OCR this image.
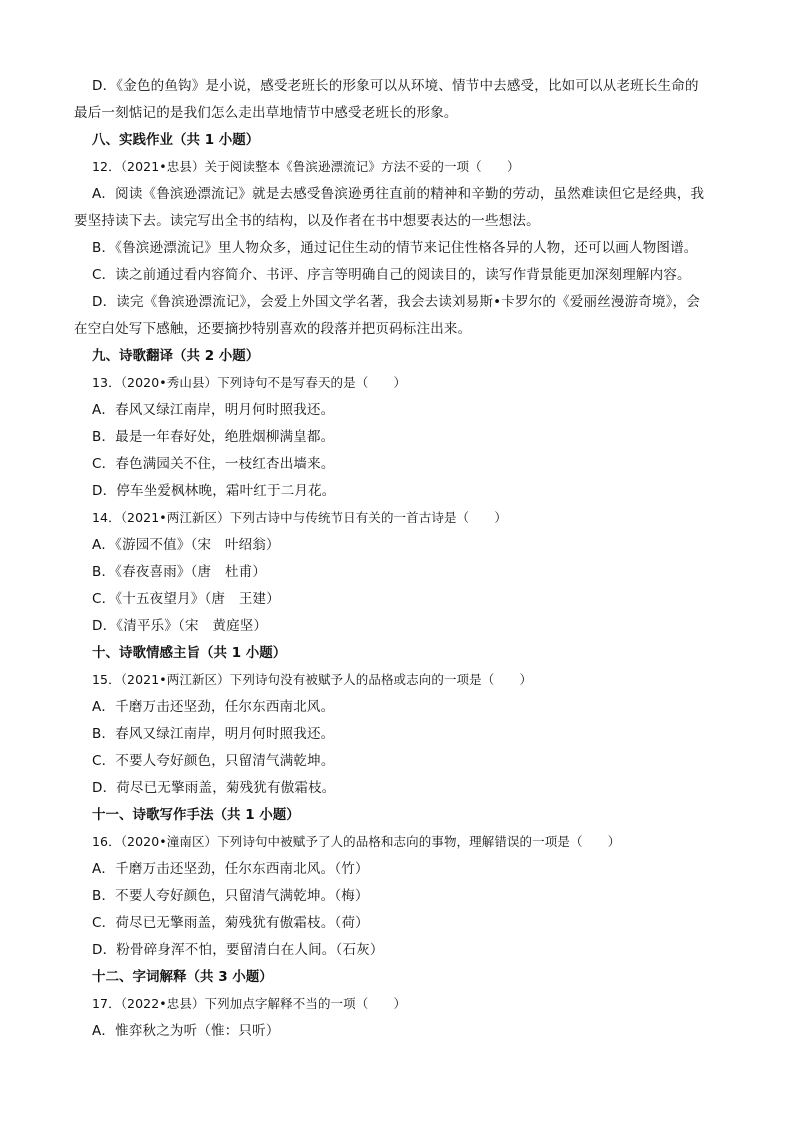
D．《金色的鱼钩》是小说，感受老班长的形象可以从环境、情节中去感受，比如可以从老班长生命的
最后一刻惦记的是我们怎么走出草地情节中感受老班长的形象。
八、实践作业（共 1 小题）
12．（2021•忠县）关于阅读整本《鲁滨逊漂流记》方法不妥的一项（　　）
A．阅读《鲁滨逊漂流记》就是去感受鲁滨逊勇往直前的精神和辛勤的劳动，虽然难读但它是经典，我
要坚持读下去。读完写出全书的结构，以及作者在书中想要表达的一些想法。
B．《鲁滨逊漂流记》里人物众多，通过记住生动的情节来记住性格各异的人物，还可以画人物图谱。
C．读之前通过看内容简介、书评、序言等明确自己的阅读目的，读写作背景能更加深刻理解内容。
D．读完《鲁滨逊漂流记》，会爱上外国文学名著，我会去读刘易斯•卡罗尔的《爱丽丝漫游奇境》，会
在空白处写下感触，还要摘抄特别喜欢的段落并把页码标注出来。
九、诗歌翻译（共 2 小题）
13．（2020•秀山县）下列诗句不是写春天的是（　　）
A．春风又绿江南岸，明月何时照我还。
B．最是一年春好处，绝胜烟柳满皇都。
C．春色满园关不住，一枝红杏出墙来。
D．停车坐爱枫林晚，霜叶红于二月花。
14．（2021•两江新区）下列古诗中与传统节日有关的一首古诗是（　　）
A．《游园不值》（宋　叶绍翁）
B．《春夜喜雨》（唐　杜甫）
C．《十五夜望月》（唐　王建）
D．《清平乐》（宋　黄庭坚）
十、诗歌情感主旨（共 1 小题）
15．（2021•两江新区）下列诗句没有被赋予人的品格或志向的一项是（　　）
A．千磨万击还坚劲，任尔东西南北风。
B．春风又绿江南岸，明月何时照我还。
C．不要人夸好颜色，只留清气满乾坤。
D．荷尽已无擎雨盖，菊残犹有傲霜枝。
十一、诗歌写作手法（共 1 小题）
16．（2020•潼南区）下列诗句中被赋予了人的品格和志向的事物，理解错误的一项是（　　）
A．千磨万击还坚劲，任尔东西南北风。（竹）
B．不要人夸好颜色，只留清气满乾坤。（梅）
C．荷尽已无擎雨盖，菊残犹有傲霜枝。（荷）
D．粉骨碎身浑不怕，要留清白在人间。（石灰）
十二、字词解释（共 3 小题）
17．（2022•忠县）下列加点字解释不当的一项（　　）
A．惟弈秋之为听（惟：只听）
